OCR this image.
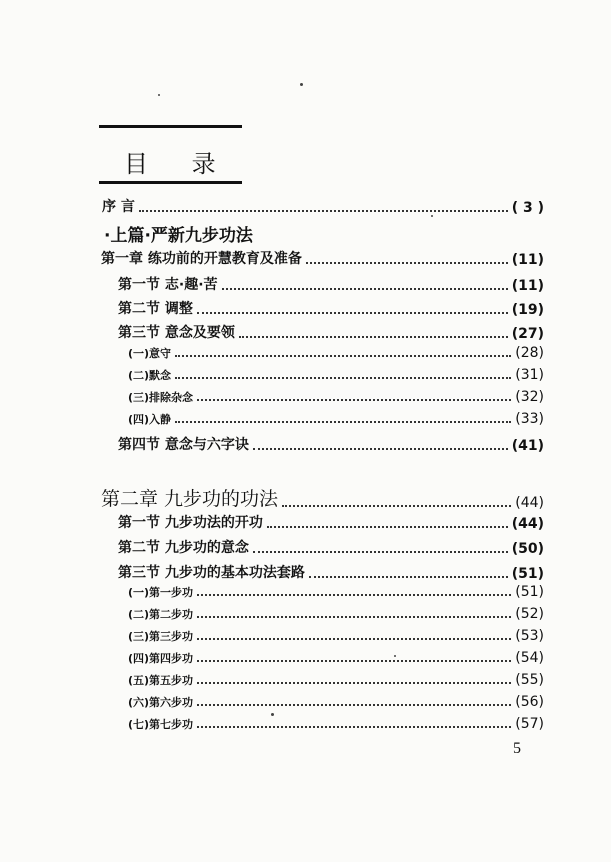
目 录
序 言	( 3 )
·上篇·严新九步功法
第一章 练功前的开慧教育及准备	(11)
第一节 志·趣·苦	(11)
第二节 调整	(19)
第三节 意念及要领	(27)
(一)意守	(28)
(二)默念	(31)
(三)排除杂念	(32)
(四)入静	(33)
第四节 意念与六字诀	(41)
第二章 九步功的功法	(44)
第一节 九步功法的开功	(44)
第二节 九步功的意念	(50)
第三节 九步功的基本功法套路	(51)
(一)第一步功	(51)
(二)第二步功	(52)
(三)第三步功	(53)
(四)第四步功	(54)
(五)第五步功	(55)
(六)第六步功	(56)
(七)第七步功	(57)
5
